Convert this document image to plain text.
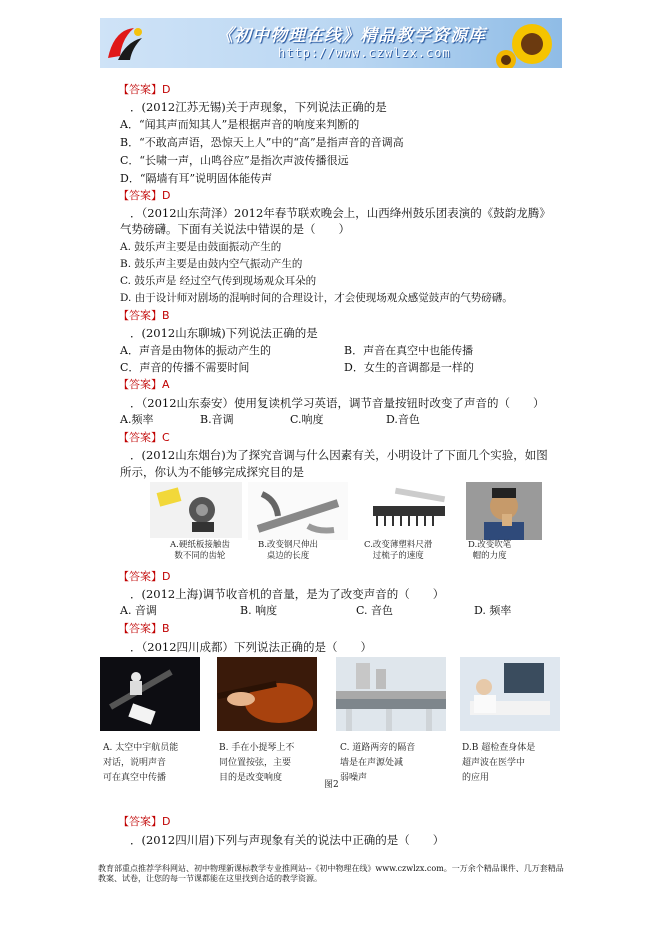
《初中物理在线》精品教学资源库
http://www.czwlzx.com
【答案】D
．(2012江苏无锡)关于声现象，下列说法正确的是
A．“闻其声而知其人”是根据声音的响度来判断的
B．“不敢高声语，恐惊天上人”中的“高”是指声音的音调高
C．“长啸一声，山鸣谷应”是指次声波传播很远
D．“隔墙有耳”说明固体能传声
【答案】D
．（2012山东菏泽）2012年春节联欢晚会上，山西绛州鼓乐团表演的《鼓韵龙腾》
气势磅礴。下面有关说法中错误的是（　　）
A. 鼓乐声主要是由鼓面振动产生的
B. 鼓乐声主要是由鼓内空气振动产生的
C. 鼓乐声是 经过空气传到现场观众耳朵的
D. 由于设计师对剧场的混响时间的合理设计，才会使现场观众感觉鼓声的气势磅礴。
【答案】B
．(2012山东聊城)下列说法正确的是
A．声音是由物体的振动产生的	B．声音在真空中也能传播
C．声音的传播不需要时间	D．女生的音调都是一样的
【答案】A
．（2012山东泰安）使用复读机学习英语，调节音量按钮时改变了声音的（　　）
A.频率	B.音调	C.响度	D.音色
【答案】C
．(2012山东烟台)为了探究音调与什么因素有关，小明设计了下面几个实验，如图
所示，你认为不能够完成探究目的是
A.硬纸板接触齿
数不同的齿轮
B.改变钢尺伸出
桌边的长度
C.改变薄塑料尺滑
过梳子的速度
D.改变吹笔
帽的力度
【答案】D
．(2012上海)调节收音机的音量，是为了改变声音的（　　）
A. 音调	B. 响度	C. 音色	D. 频率
【答案】B
．（2012四川成都）下列说法正确的是（　　）
A. 太空中宇航员能
对话，说明声音
可在真空中传播
B. 手在小提琴上不
同位置按弦，主要
目的是改变响度
C. 道路两旁的隔音
墙是在声源处减
弱噪声
D.B 超检查身体是
超声波在医学中
的应用
图2
【答案】D
．(2012四川眉)下列与声现象有关的说法中正确的是（　　）
教育部重点推荐学科网站、初中物理新课标教学专业推网站--《初中物理在线》www.czwlzx.com。一万余个精品课件、几万套精品教案、试卷，让您的每一节课都能在这里找到合适的教学资源。
